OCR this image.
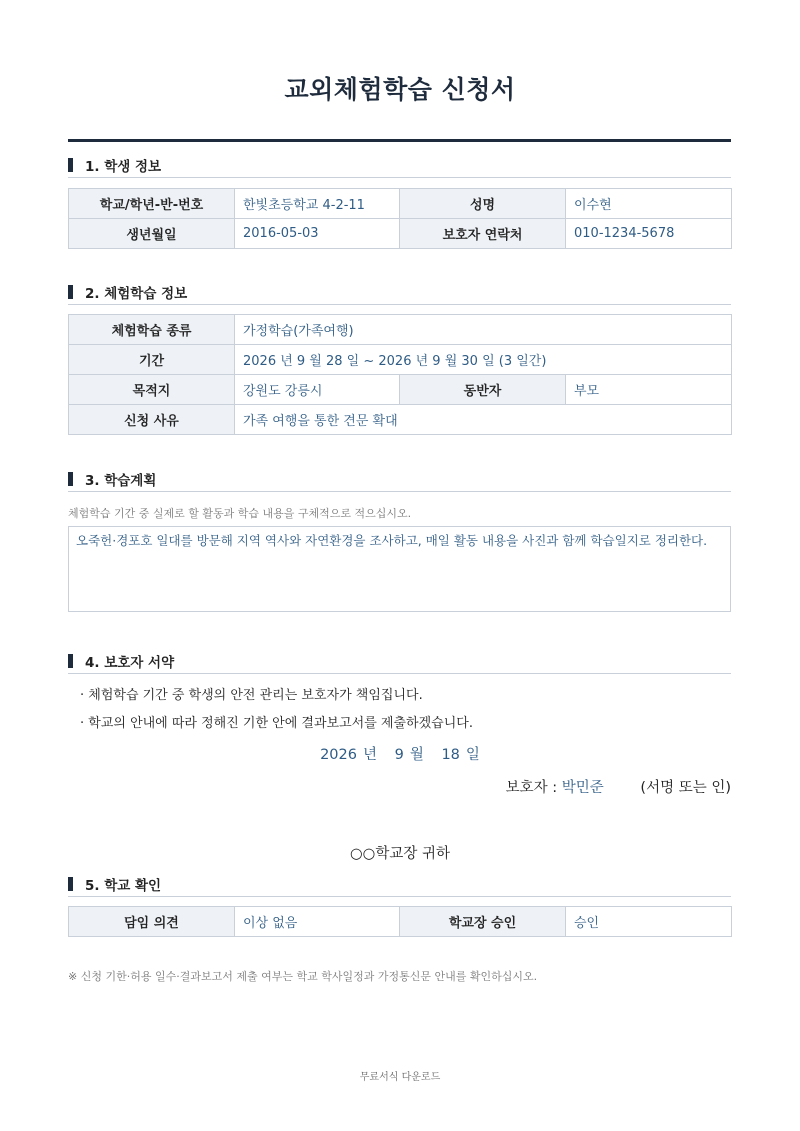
교외체험학습 신청서
1. 학생 정보
학교/학년-반-번호	한빛초등학교 4-2-11	성명	이수현
생년월일	2016-05-03	보호자 연락처	010-1234-5678
2. 체험학습 정보
체험학습 종류	가정학습(가족여행)		
기간	2026 년 9 월 28 일 ~ 2026 년 9 월 30 일 (3 일간)		
목적지	강원도 강릉시	동반자	부모
신청 사유	가족 여행을 통한 견문 확대		
3. 학습계획
체험학습 기간 중 실제로 할 활동과 학습 내용을 구체적으로 적으십시오.
오죽헌·경포호 일대를 방문해 지역 역사와 자연환경을 조사하고, 매일 활동 내용을 사진과 함께 학습일지로 정리한다.
4. 보호자 서약
· 체험학습 기간 중 학생의 안전 관리는 보호자가 책임집니다.
· 학교의 안내에 따라 정해진 기한 안에 결과보고서를 제출하겠습니다.
2026 년 9 월 18 일
보호자 : 박민준	(서명 또는 인)
○○학교장 귀하
5. 학교 확인
담임 의견	이상 없음	학교장 승인	승인
※ 신청 기한·허용 일수·결과보고서 제출 여부는 학교 학사일정과 가정통신문 안내를 확인하십시오.
무료서식 다운로드
